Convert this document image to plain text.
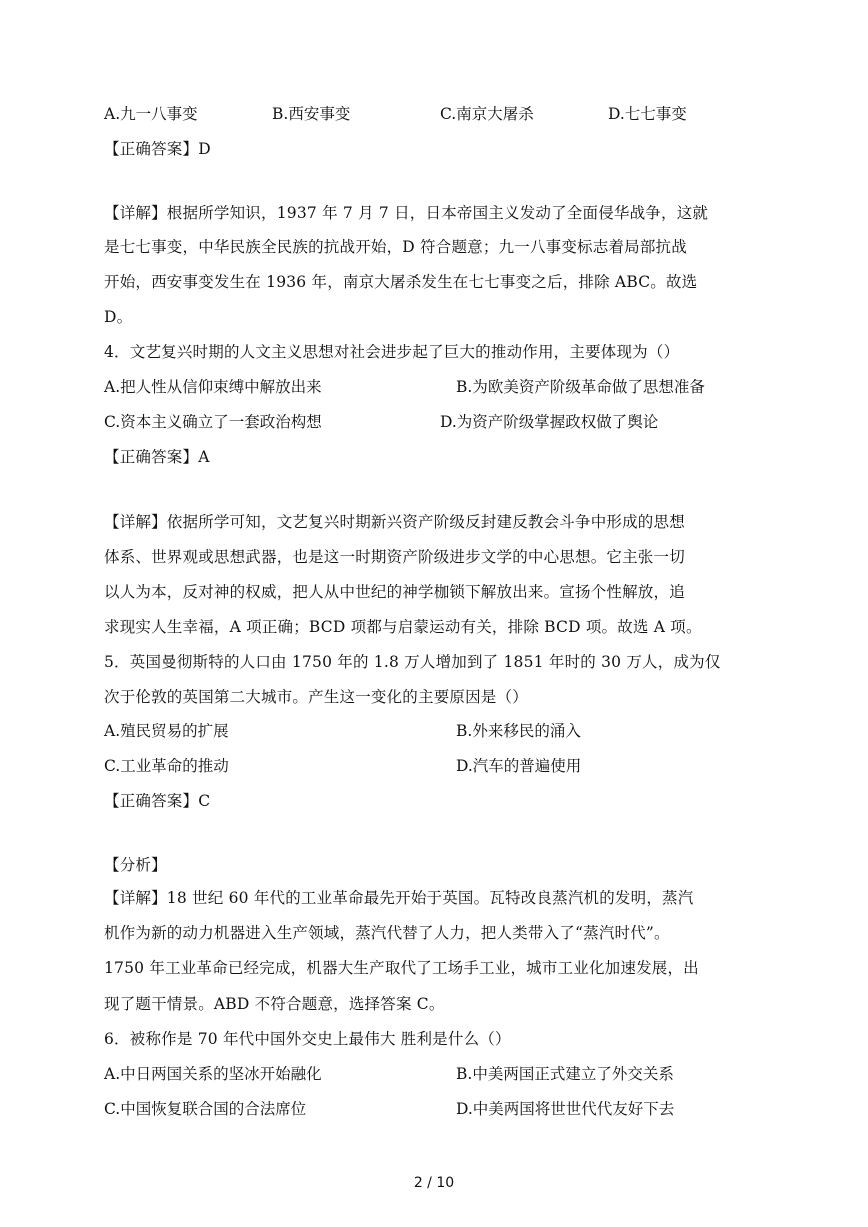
A.九一八事变	B.西安事变	C.南京大屠杀	D.七七事变
【正确答案】D
【详解】根据所学知识，1937 年 7 月 7 日，日本帝国主义发动了全面侵华战争，这就
是七七事变，中华民族全民族的抗战开始，D 符合题意；九一八事变标志着局部抗战
开始，西安事变发生在 1936 年，南京大屠杀发生在七七事变之后，排除 ABC。故选
D。
4．文艺复兴时期的人文主义思想对社会进步起了巨大的推动作用，主要体现为（）
A.把人性从信仰束缚中解放出来	B.为欧美资产阶级革命做了思想准备
C.资本主义确立了一套政治构想	D.为资产阶级掌握政权做了舆论
【正确答案】A
【详解】依据所学可知，文艺复兴时期新兴资产阶级反封建反教会斗争中形成的思想
体系、世界观或思想武器，也是这一时期资产阶级进步文学的中心思想。它主张一切
以人为本，反对神的权威，把人从中世纪的神学枷锁下解放出来。宣扬个性解放，追
求现实人生幸福，A 项正确；BCD 项都与启蒙运动有关，排除 BCD 项。故选 A 项。
5．英国曼彻斯特的人口由 1750 年的 1.8 万人增加到了 1851 年时的 30 万人，成为仅
次于伦敦的英国第二大城市。产生这一变化的主要原因是（）
A.殖民贸易的扩展	B.外来移民的涌入
C.工业革命的推动	D.汽车的普遍使用
【正确答案】C
【分析】
【详解】18 世纪 60 年代的工业革命最先开始于英国。瓦特改良蒸汽机的发明，蒸汽
机作为新的动力机器进入生产领域，蒸汽代替了人力，把人类带入了“蒸汽时代”。
1750 年工业革命已经完成，机器大生产取代了工场手工业，城市工业化加速发展，出
现了题干情景。ABD 不符合题意，选择答案 C。
6．被称作是 70 年代中国外交史上最伟大 胜利是什么（）
A.中日两国关系的坚冰开始融化	B.中美两国正式建立了外交关系
C.中国恢复联合国的合法席位	D.中美两国将世世代代友好下去
2 / 10
